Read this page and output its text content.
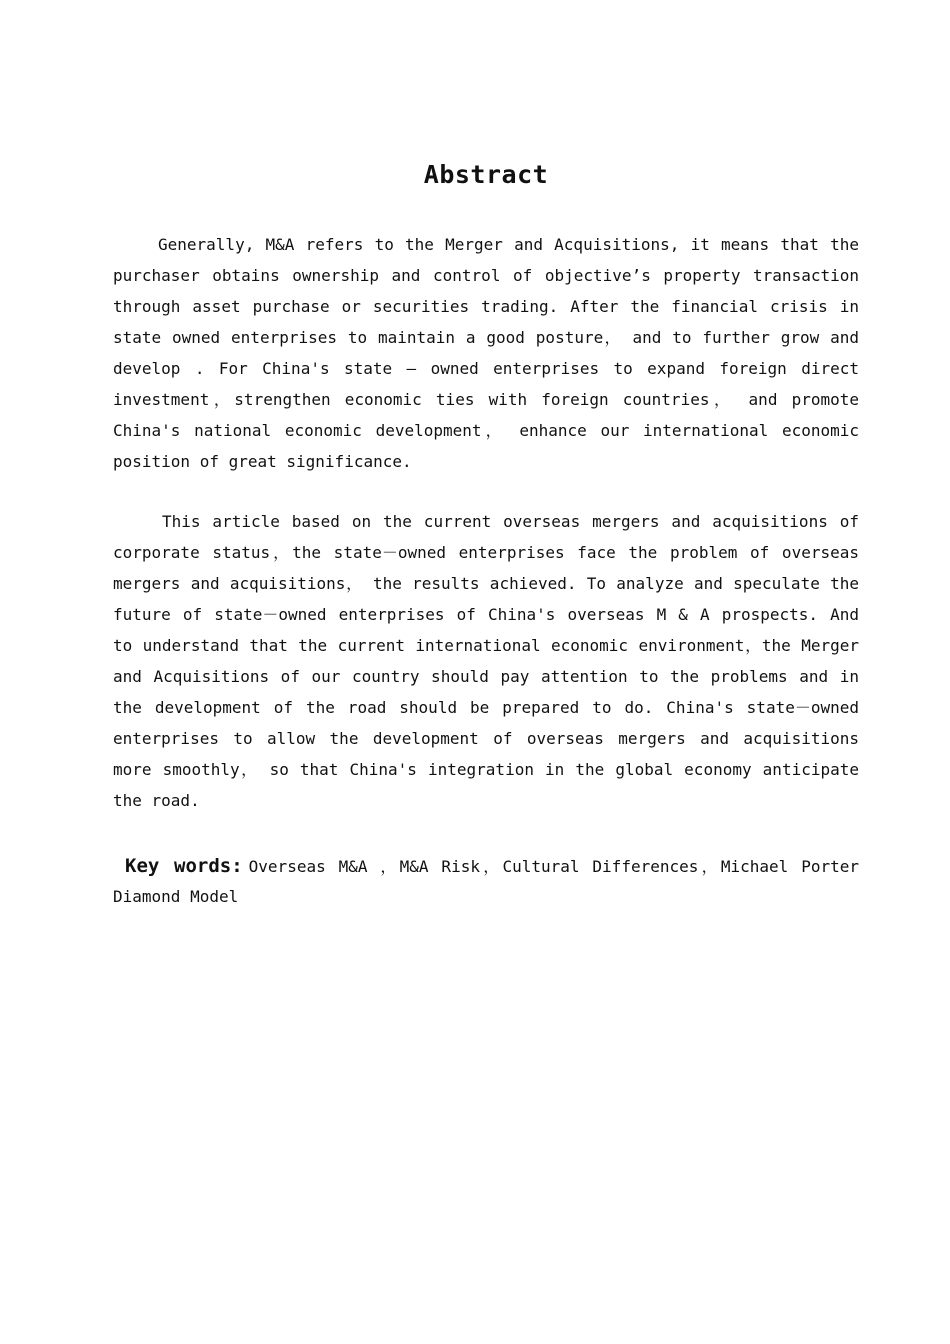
Abstract

Generally, M&A refers to the Merger and Acquisitions, it means that the purchaser obtains ownership and control of objective’s property transaction through asset purchase or securities trading. After the financial crisis in state owned enterprises to maintain a good posture， and to further grow and develop . For China's state — owned enterprises to expand foreign direct investment，strengthen economic ties with foreign countries， and promote China's national economic development， enhance our international economic position of great significance.

This article based on the current overseas mergers and acquisitions of corporate status，the state－owned enterprises face the problem of overseas mergers and acquisitions， the results achieved. To analyze and speculate the future of state－owned enterprises of China's overseas M & A prospects. And to understand that the current international economic environment，the Merger and Acquisitions of our country should pay attention to the problems and in the development of the road should be prepared to do. China's state－owned enterprises to allow the development of overseas mergers and acquisitions more smoothly， so that China's integration in the global economy anticipate the road.

Key words: Overseas M&A ，M&A Risk，Cultural Differences，Michael Porter Diamond Model
